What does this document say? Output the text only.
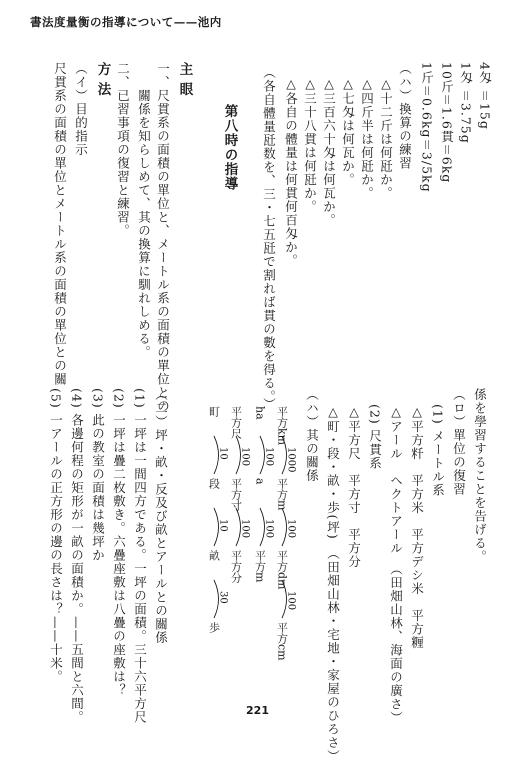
書法度量衡の指導について——池内
4匁 ＝15g
1匁 ＝3.75g
10斤＝1.6貫＝6kg
1斤＝0.6kg＝3/5kg
（ハ）換算の練習
△十二斤は何瓩か。
△四斤半は何瓩か。
△七匁は何瓦か。
△三百六十匁は何瓦か。
△三十八貫は何瓩か。
△各自の體量は何貫何百匁か。
（各自體量瓩数を、三・七五瓩で割れば貫の數を得る。）
第八時の指導
主 眼
一、尺貫系の面積の單位と、メートル系の面積の單位との
　　關係を知らしめて、其の換算に馴れしめる。
二、已習事項の復習と練習。
方 法
（イ）目的指示
尺貫系の面積の單位とメートル系の面積の單位との關
係を學習することを告げる。
（ロ）單位の復習
(1) メートル系
△平方粁　平方米　平方デシ米　平方糎
△アール　ヘクトアール　（田畑山林、海面の廣さ）
(2) 尺貫系
△平方尺　平方寸　平方分
△町・段・畝・歩(坪)　（田畑山林・宅地・家屋のひろさ）
（ハ）其の關係
平方km
1000
平方m
100
平方dm
100
平方cm
ha
100
a
100
平方m
平方尺
100
平方寸
100
平方分
町
10
段
10
畝
30
歩
（二）坪・畝・反及び畝とアールとの關係
(1) 一坪は一間四方である。一坪の面積。三十六平方尺
(2) 一坪は疊二枚敷き。六疊座敷は八疊の座敷は？
(3) 此の教室の面積は幾坪か
(4) 各邊何程の矩形が一畝の面積か。——五間と六間。
(5) 一アールの正方形の邊の長さは？——十米。
221
